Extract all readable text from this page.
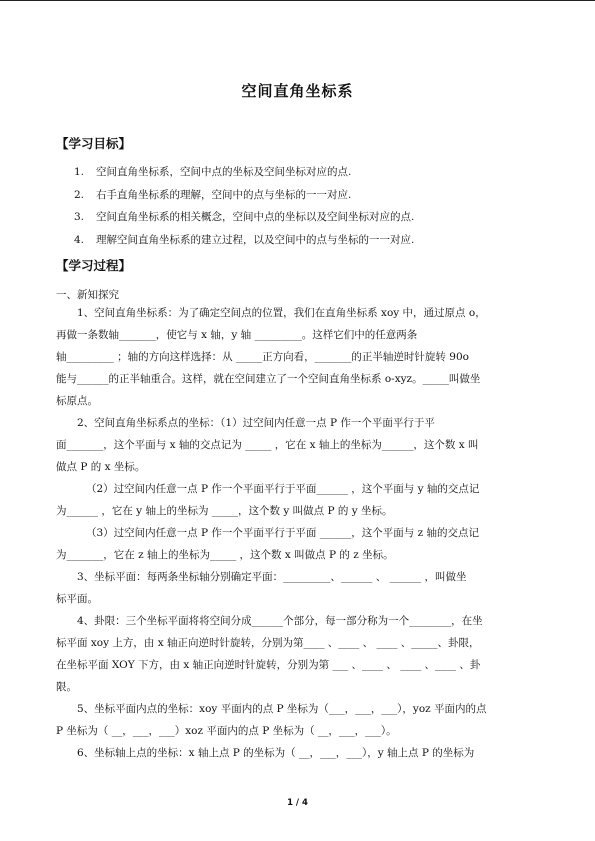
空间直角坐标系
【学习目标】
1. 空间直角坐标系，空间中点的坐标及空间坐标对应的点.
2. 右手直角坐标系的理解，空间中的点与坐标的一一对应.
3. 空间直角坐标系的相关概念，空间中点的坐标以及空间坐标对应的点.
4. 理解空间直角坐标系的建立过程，以及空间中的点与坐标的一一对应.
【学习过程】
一、新知探究
1、空间直角坐标系：为了确定空间点的位置，我们在直角坐标系 xoy 中，通过原点 o，
再做一条数轴_______，使它与 x 轴，y 轴 _________。这样它们中的任意两条
轴_________ ；轴的方向这样选择：从 _____正方向看，_______的正半轴逆时针旋转 90o
能与______的正半轴重合。这样，就在空间建立了一个空间直角坐标系 o-xyz。_____叫做坐
标原点。
2、空间直角坐标系点的坐标：（1）过空间内任意一点 P 作一个平面平行于平
面_______，这个平面与 x 轴的交点记为 _____ ，它在 x 轴上的坐标为______，这个数 x 叫
做点 P 的 x 坐标。
（2）过空间内任意一点 P 作一个平面平行于平面______ ，这个平面与 y 轴的交点记
为______ ，它在 y 轴上的坐标为 _____，这个数 y 叫做点 P 的 y 坐标。
（3）过空间内任意一点 P 作一个平面平行于平面 ______，这个平面与 z 轴的交点记
为_______，它在 z 轴上的坐标为_____ ，这个数 x 叫做点 P 的 z 坐标。
3、坐标平面：每两条坐标轴分别确定平面：_________、______ 、 ______ ，叫做坐
标平面。
4、卦限：三个坐标平面将将空间分成______个部分，每一部分称为一个________，在坐
标平面 xoy 上方，由 x 轴正向逆时针旋转，分别为第____ 、____ 、 ____ 、_____、卦限，
在坐标平面 XOY 下方，由 x 轴正向逆时针旋转，分别为第 ___ 、____ 、 ____ 、____ 、卦
限。
5、坐标平面内点的坐标：xoy 平面内的点 P 坐标为（___，___，___），yoz 平面内的点
P 坐标为（ __，___，___）xoz 平面内的点 P 坐标为（ __，___，___）。
6、坐标轴上点的坐标：x 轴上点 P 的坐标为（ __，___，___），y 轴上点 P 的坐标为
1 / 4
